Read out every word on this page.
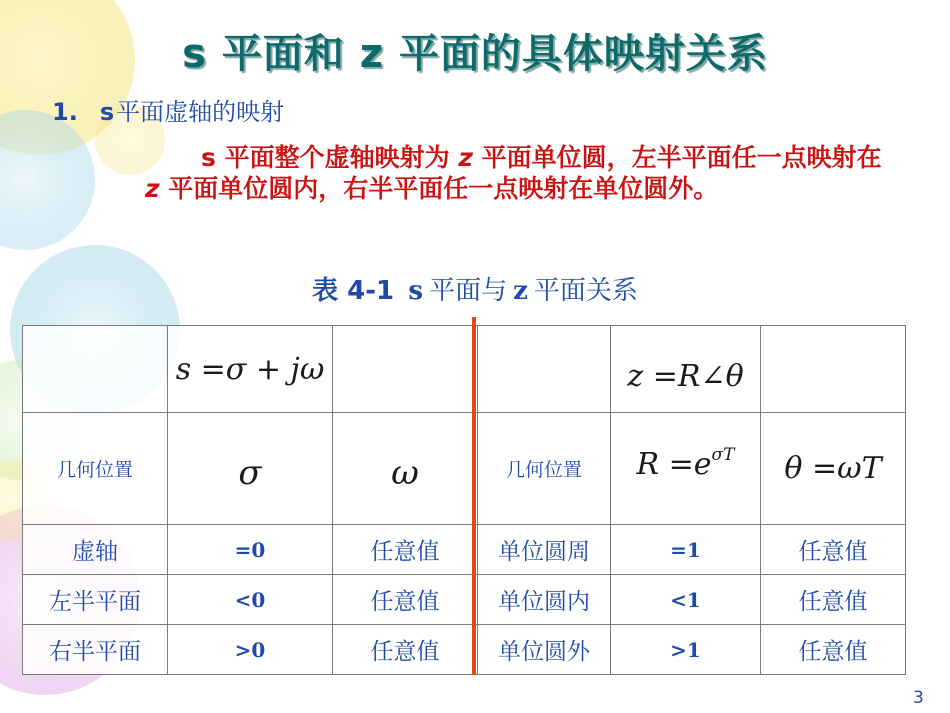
s 平面和 z 平面的具体映射关系
1. s平面虚轴的映射
s 平面整个虚轴映射为 z 平面单位圆，左半平面任一点映射在 z 平面单位圆内，右半平面任一点映射在单位圆外。
表 4-1 s 平面与 z 平面关系
	s =σ + jω			z =R∠θ	
几何位置	σ	ω	几何位置	$R =e^{\sigma T}$	θ =ωT
虚轴	=0	任意值	单位圆周	=1	任意值
左半平面	<0	任意值	单位圆内	<1	任意值
右半平面	>0	任意值	单位圆外	>1	任意值
3
